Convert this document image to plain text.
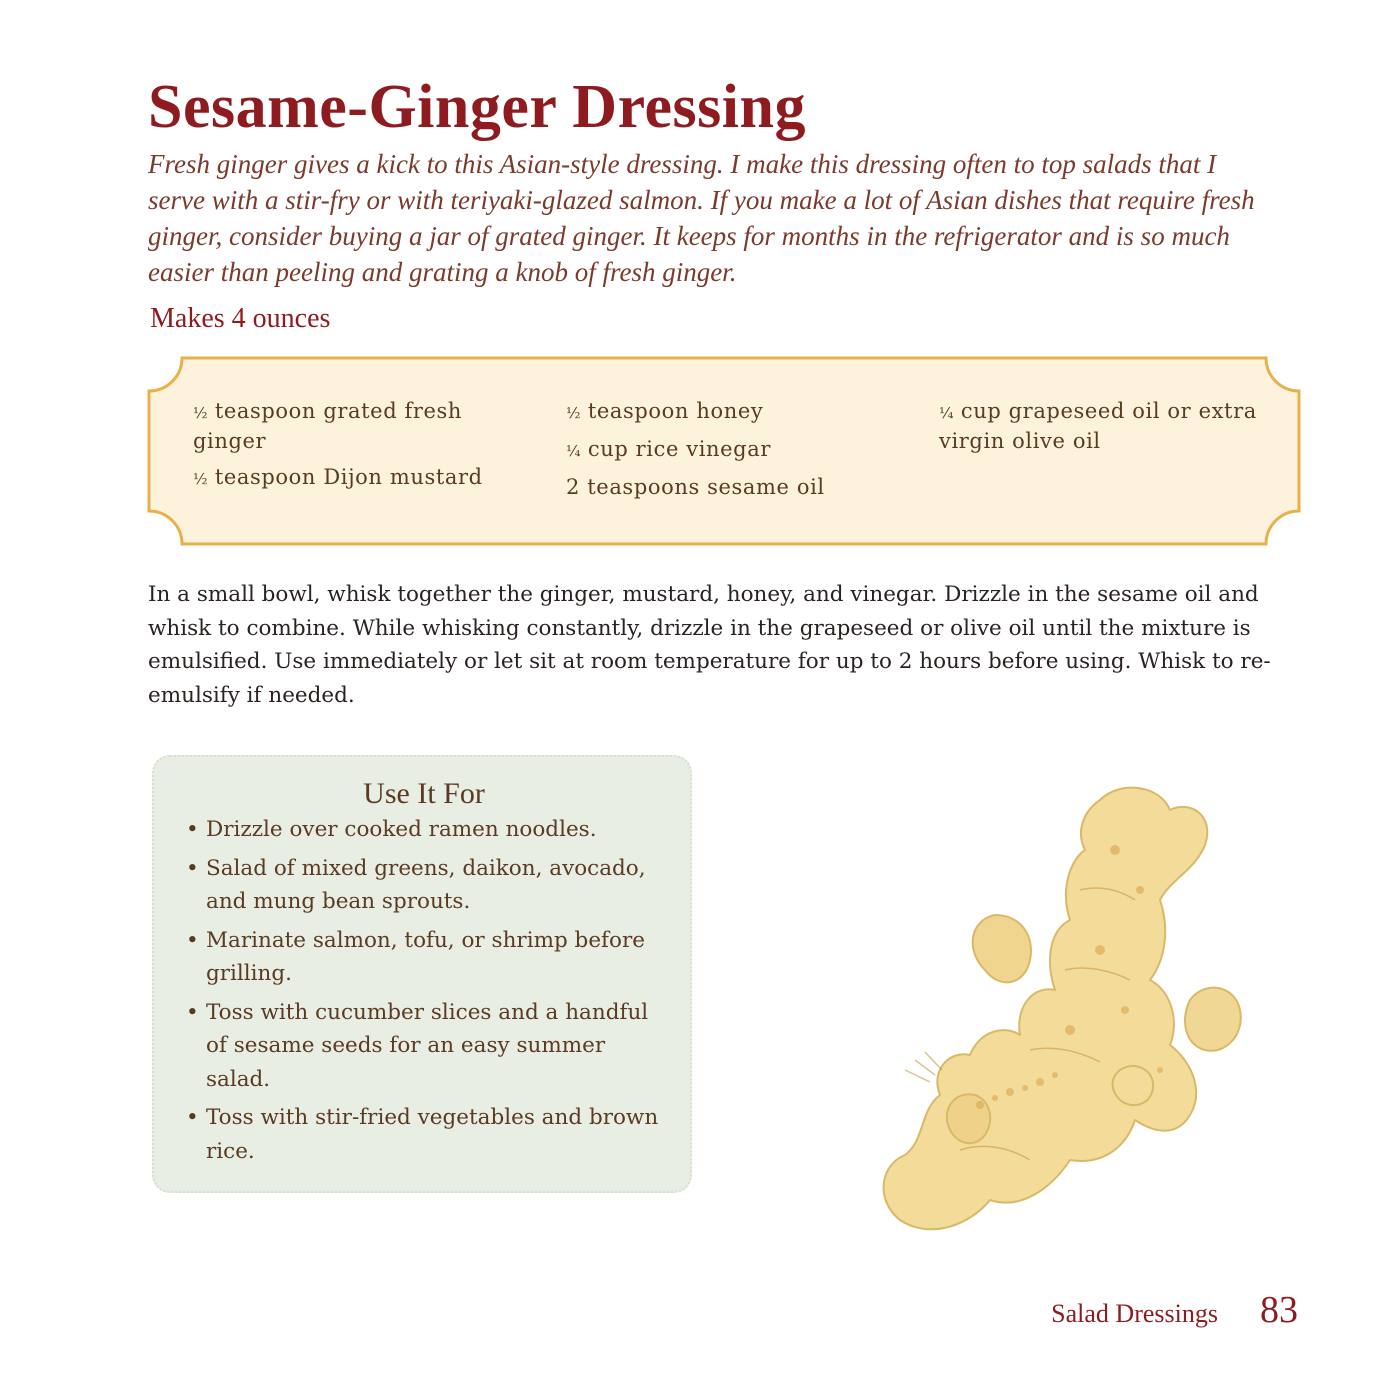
Sesame-Ginger Dressing

Fresh ginger gives a kick to this Asian-style dressing. I make this dressing often to top salads that I serve with a stir-fry or with teriyaki-glazed salmon. If you make a lot of Asian dishes that require fresh ginger, consider buying a jar of grated ginger. It keeps for months in the refrigerator and is so much easier than peeling and grating a knob of fresh ginger.

Makes 4 ounces

½ teaspoon grated fresh ginger

½ teaspoon Dijon mustard

½ teaspoon honey

¼ cup rice vinegar

2 teaspoons sesame oil

¼ cup grapeseed oil or extra virgin olive oil

In a small bowl, whisk together the ginger, mustard, honey, and vinegar. Drizzle in the sesame oil and whisk to combine. While whisking constantly, drizzle in the grapeseed or olive oil until the mixture is emulsified. Use immediately or let sit at room temperature for up to 2 hours before using. Whisk to re-emulsify if needed.

Use It For
• Drizzle over cooked ramen noodles.
• Salad of mixed greens, daikon, avocado, and mung bean sprouts.
• Marinate salmon, tofu, or shrimp before grilling.
• Toss with cucumber slices and a handful of sesame seeds for an easy summer salad.
• Toss with stir-fried vegetables and brown rice.
Salad Dressings 83
